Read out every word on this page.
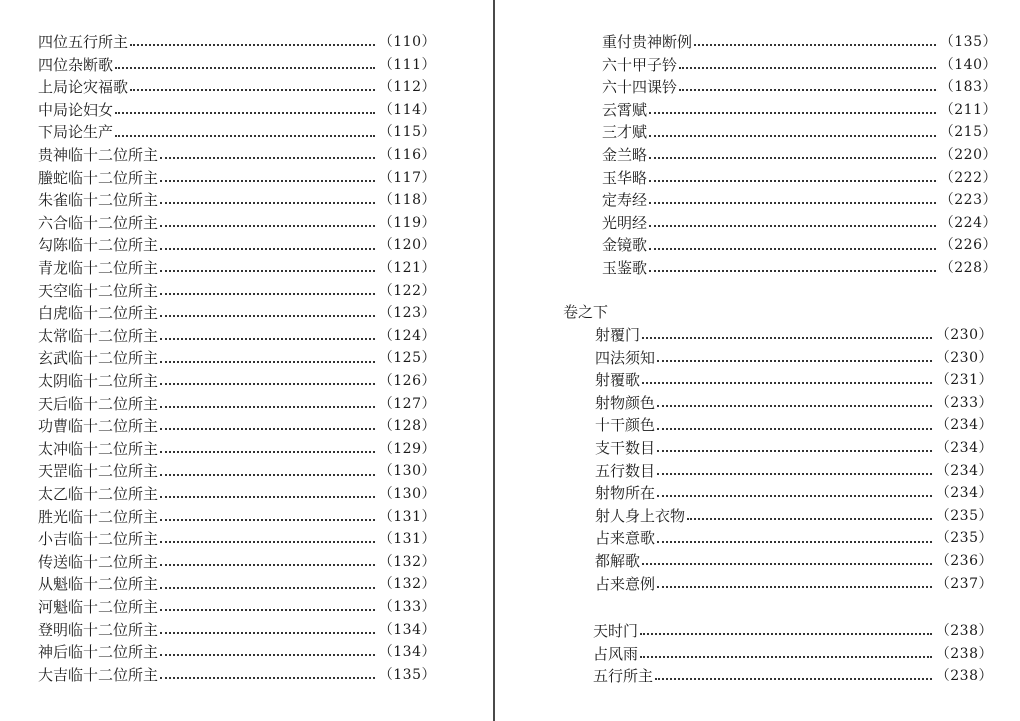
四位五行所主	（110）
四位杂断歌	（111）
上局论灾福歌	（112）
中局论妇女	（114）
下局论生产	（115）
贵神临十二位所主	（116）
螣蛇临十二位所主	（117）
朱雀临十二位所主	（118）
六合临十二位所主	（119）
勾陈临十二位所主	（120）
青龙临十二位所主	（121）
天空临十二位所主	（122）
白虎临十二位所主	（123）
太常临十二位所主	（124）
玄武临十二位所主	（125）
太阴临十二位所主	（126）
天后临十二位所主	（127）
功曹临十二位所主	（128）
太冲临十二位所主	（129）
天罡临十二位所主	（130）
太乙临十二位所主	（130）
胜光临十二位所主	（131）
小吉临十二位所主	（131）
传送临十二位所主	（132）
从魁临十二位所主	（132）
河魁临十二位所主	（133）
登明临十二位所主	（134）
神后临十二位所主	（134）
大吉临十二位所主	（135）
卷之下
重付贵神断例	（135）
六十甲子钤	（140）
六十四课钤	（183）
云霄赋	（211）
三才赋	（215）
金兰略	（220）
玉华略	（222）
定寿经	（223）
光明经	（224）
金镜歌	（226）
玉鉴歌	（228）
射覆门	（230）
四法须知	（230）
射覆歌	（231）
射物颜色	（233）
十干颜色	（234）
支干数目	（234）
五行数目	（234）
射物所在	（234）
射人身上衣物	（235）
占来意歌	（235）
都解歌	（236）
占来意例	（237）
天时门	（238）
占风雨	（238）
五行所主	（238）
